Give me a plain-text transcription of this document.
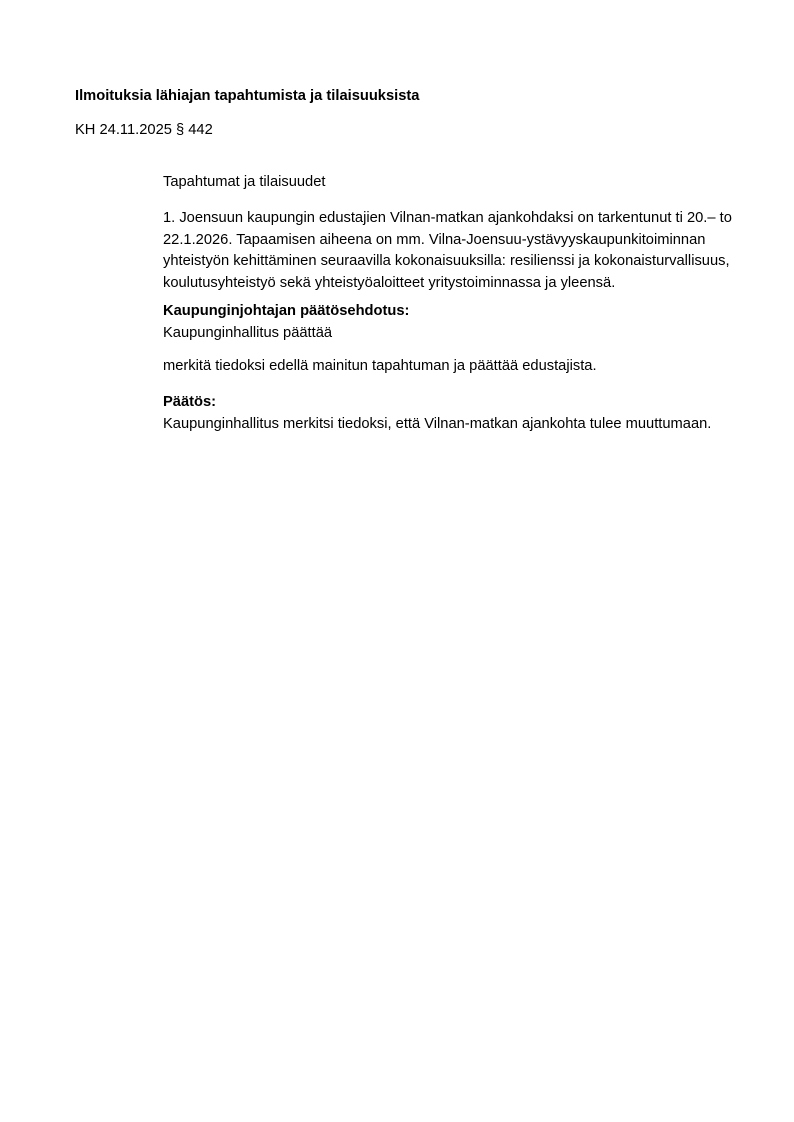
Ilmoituksia lähiajan tapahtumista ja tilaisuuksista
KH 24.11.2025 § 442
Tapahtumat ja tilaisuudet
1. Joensuun kaupungin edustajien Vilnan-matkan ajankohdaksi on tarkentunut ti 20.– to
22.1.2026. Tapaamisen aiheena on mm. Vilna-Joensuu-ystävyyskaupunkitoiminnan
yhteistyön kehittäminen seuraavilla kokonaisuuksilla: resilienssi ja kokonaisturvallisuus,
koulutusyhteistyö sekä yhteistyöaloitteet yritystoiminnassa ja yleensä.
Kaupunginjohtajan päätösehdotus:
Kaupunginhallitus päättää
merkitä tiedoksi edellä mainitun tapahtuman ja päättää edustajista.
Päätös:
Kaupunginhallitus merkitsi tiedoksi, että Vilnan-matkan ajankohta tulee muuttumaan.
